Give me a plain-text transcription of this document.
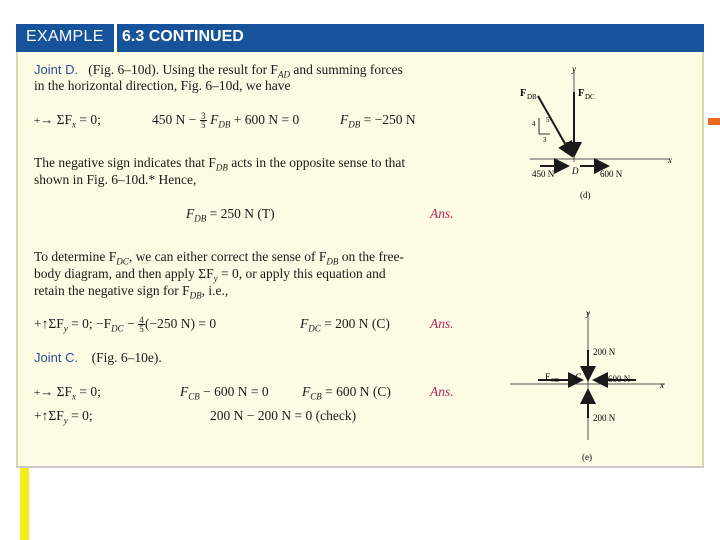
EXAMPLE 6.3 CONTINUED
Joint D. (Fig. 6–10d). Using the result for $F_{AD}$ and summing forces
in the horizontal direction, Fig. 6–10d, we have
+→ $\Sigma F_x = 0$;	450 $N - \frac{3}{5} F_{DB} + 600$ N = 0	$F_{DB} = -250$ N
The negative sign indicates that $F_{DB}$ acts in the opposite sense to that
shown in Fig. 6–10d.* Hence,
$F_{DB} = 250$ N (T)	Ans.
To determine $F_{DC}$, we can either correct the sense of $F_{DB}$ on the free-
body diagram, and then apply $\Sigma F_y = 0$, or apply this equation and
retain the negative sign for $F_{DB}$, i.e.,
$+↑\Sigma F_y = 0$; $-F_{DC} - \frac{4}{5}(-250$ N) = 0	$F_{DC} = 200$ N (C)	Ans.
Joint C. (Fig. 6–10e).
+→ $\Sigma F_x = 0$;	$F_{CB} - 600$ N = 0 $F_{CB} = 600$ N (C)	Ans.
$+↑\Sigma F_y = 0$;	200 N − 200 N = 0 (check)
y
x
F DB	F DC
4 5
3
450 N D 600 N
(d)
y
x
200 N
F CB C	600 N
200 N
(e)
